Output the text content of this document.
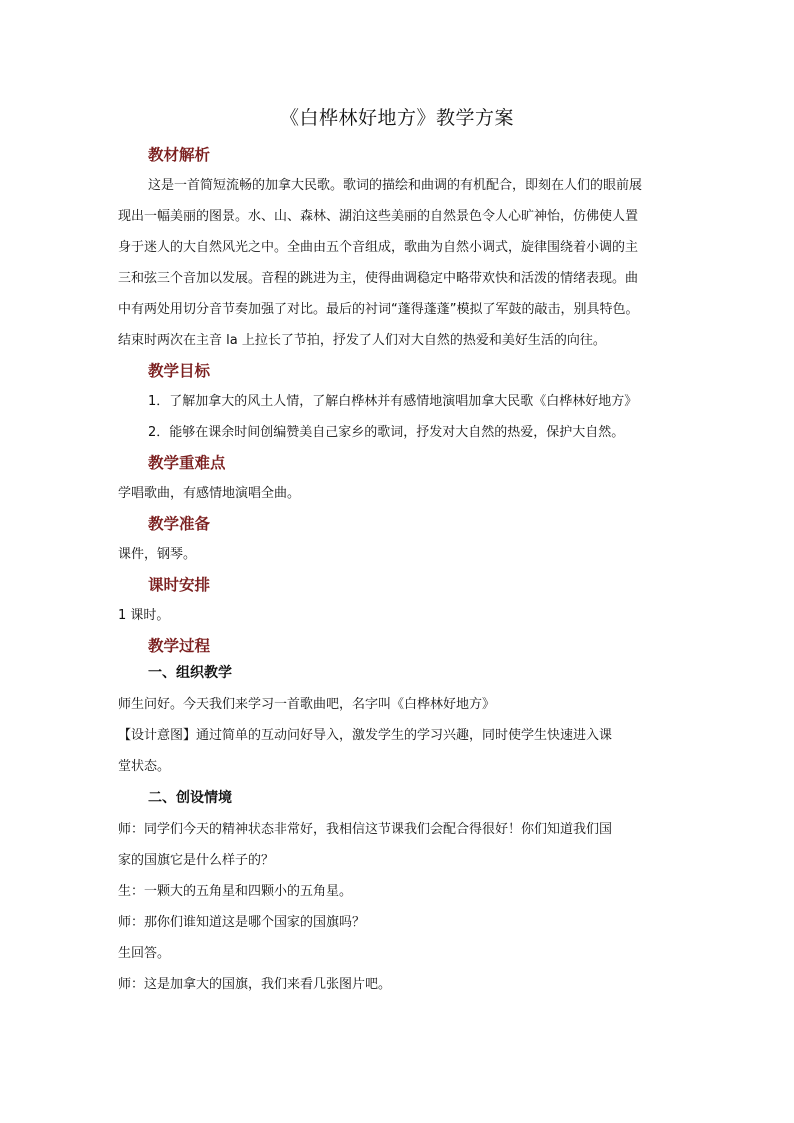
《白桦林好地方》教学方案
教材解析

这是一首简短流畅的加拿大民歌。歌词的描绘和曲调的有机配合，即刻在人们的眼前展

现出一幅美丽的图景。水、山、森林、湖泊这些美丽的自然景色令人心旷神怡，仿佛使人置

身于迷人的大自然风光之中。全曲由五个音组成，歌曲为自然小调式，旋律围绕着小调的主

三和弦三个音加以发展。音程的跳进为主，使得曲调稳定中略带欢快和活泼的情绪表现。曲

中有两处用切分音节奏加强了对比。最后的衬词“蓬得蓬蓬”模拟了军鼓的敲击，别具特色。

结束时两次在主音 la 上拉长了节拍，抒发了人们对大自然的热爱和美好生活的向往。

教学目标

1．了解加拿大的风土人情，了解白桦林并有感情地演唱加拿大民歌《白桦林好地方》

2．能够在课余时间创编赞美自己家乡的歌词，抒发对大自然的热爱，保护大自然。

教学重难点

学唱歌曲，有感情地演唱全曲。

教学准备

课件，钢琴。

课时安排

1 课时。

教学过程
一、组织教学

师生问好。今天我们来学习一首歌曲吧，名字叫《白桦林好地方》

【设计意图】通过简单的互动问好导入，激发学生的学习兴趣，同时使学生快速进入课

堂状态。

二、创设情境

师：同学们今天的精神状态非常好，我相信这节课我们会配合得很好！你们知道我们国

家的国旗它是什么样子的？

生：一颗大的五角星和四颗小的五角星。

师：那你们谁知道这是哪个国家的国旗吗？

生回答。

师：这是加拿大的国旗，我们来看几张图片吧。
